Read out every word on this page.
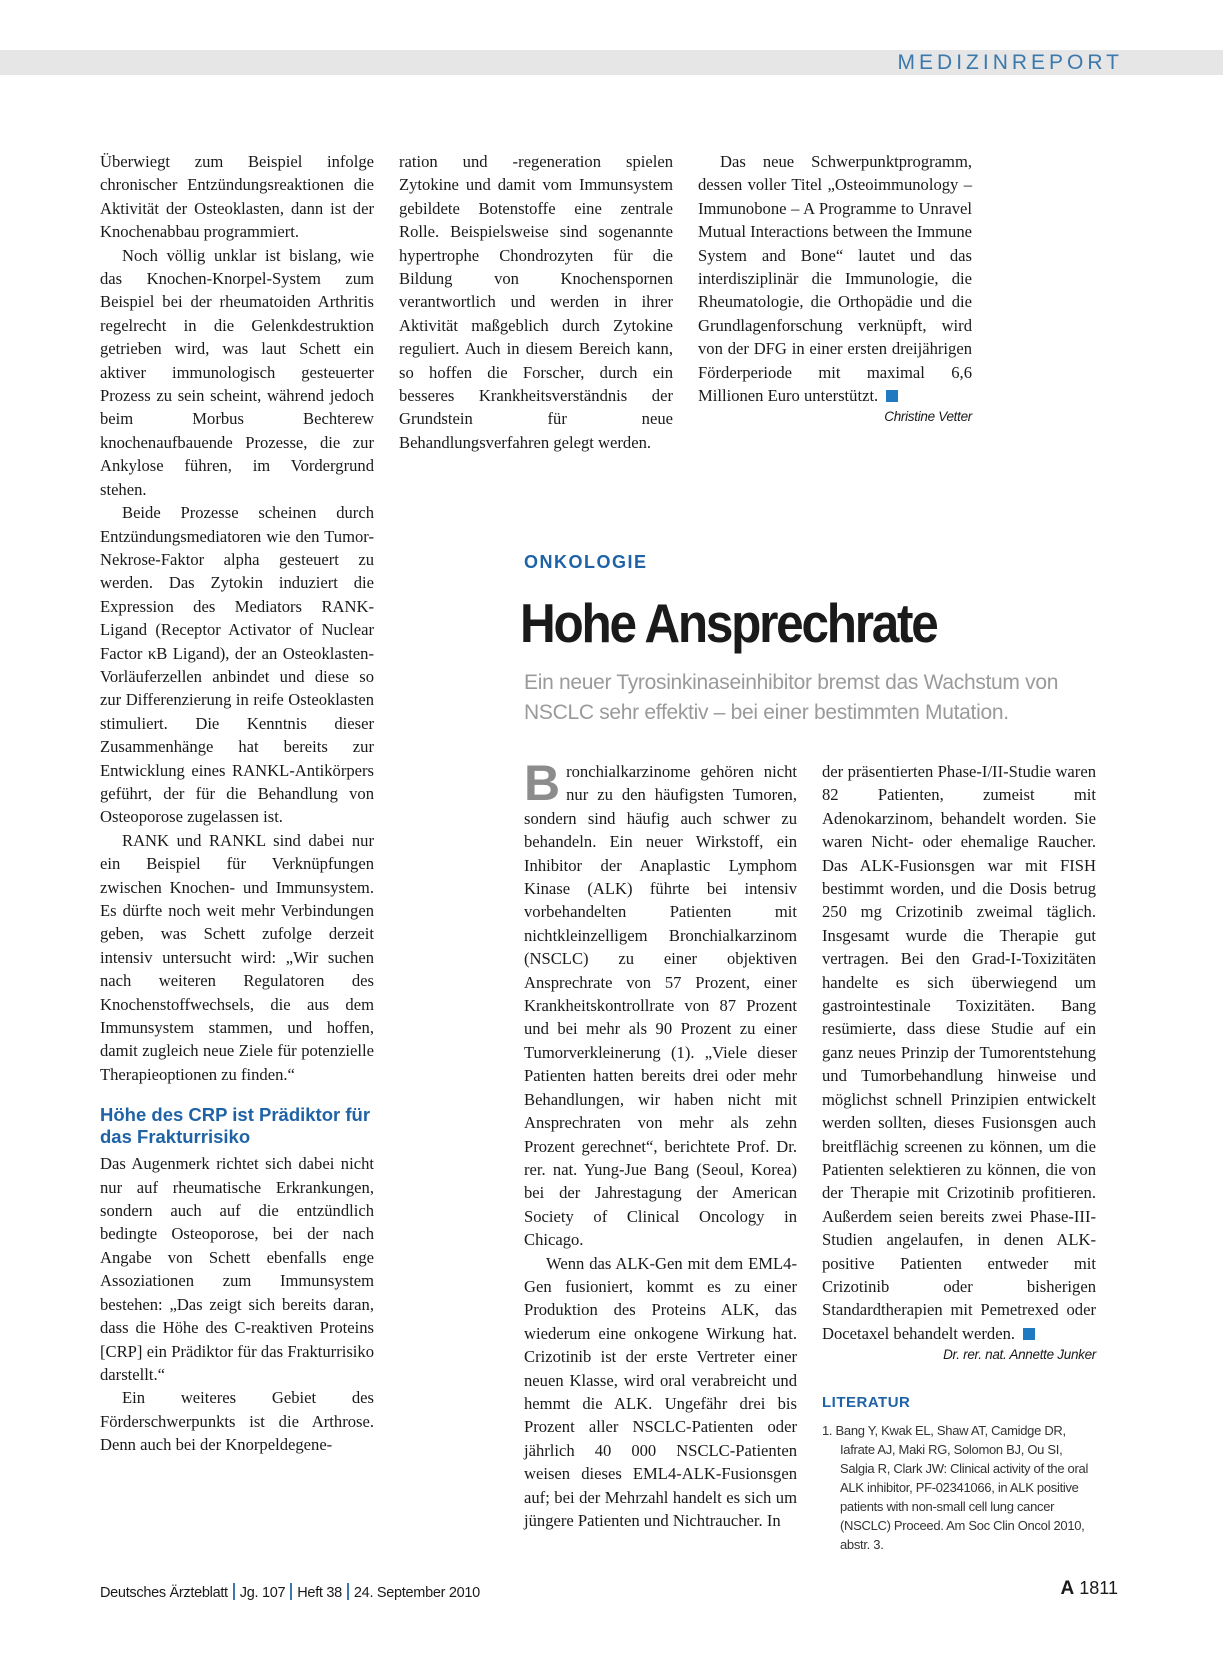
MEDIZINREPORT

Überwiegt zum Beispiel infolge chronischer Entzündungsreaktionen die Aktivität der Osteoklasten, dann ist der Knochenabbau programmiert.

Noch völlig unklar ist bislang, wie das Knochen-Knorpel-System zum Beispiel bei der rheumatoiden Arthritis regelrecht in die Gelenkdestruktion getrieben wird, was laut Schett ein aktiver immunologisch gesteuerter Prozess zu sein scheint, während jedoch beim Morbus Bechterew knochenaufbauende Prozesse, die zur Ankylose führen, im Vordergrund stehen.

Beide Prozesse scheinen durch Entzündungsmediatoren wie den Tumor-Nekrose-Faktor alpha gesteuert zu werden. Das Zytokin induziert die Expression des Mediators RANK-Ligand (Receptor Activator of Nuclear Factor κB Ligand), der an Osteoklasten-Vorläuferzellen anbindet und diese so zur Differenzierung in reife Osteoklasten stimuliert. Die Kenntnis dieser Zusammenhänge hat bereits zur Entwicklung eines RANKL-Antikörpers geführt, der für die Behandlung von Osteoporose zugelassen ist.

RANK und RANKL sind dabei nur ein Beispiel für Verknüpfungen zwischen Knochen- und Immunsystem. Es dürfte noch weit mehr Verbindungen geben, was Schett zufolge derzeit intensiv untersucht wird: „Wir suchen nach weiteren Regulatoren des Knochenstoffwechsels, die aus dem Immunsystem stammen, und hoffen, damit zugleich neue Ziele für potenzielle Therapieoptionen zu finden.“

Höhe des CRP ist Prädiktor für das Frakturrisiko

Das Augenmerk richtet sich dabei nicht nur auf rheumatische Erkrankungen, sondern auch auf die entzündlich bedingte Osteoporose, bei der nach Angabe von Schett ebenfalls enge Assoziationen zum Immunsystem bestehen: „Das zeigt sich bereits daran, dass die Höhe des C-reaktiven Proteins [CRP] ein Prädiktor für das Frakturrisiko darstellt.“

Ein weiteres Gebiet des Förderschwerpunkts ist die Arthrose. Denn auch bei der Knorpeldegene-

ration und -regeneration spielen Zytokine und damit vom Immunsystem gebildete Botenstoffe eine zentrale Rolle. Beispielsweise sind sogenannte hypertrophe Chondrozyten für die Bildung von Knochenspornen verantwortlich und werden in ihrer Aktivität maßgeblich durch Zytokine reguliert. Auch in diesem Bereich kann, so hoffen die Forscher, durch ein besseres Krankheitsverständnis der Grundstein für neue Behandlungsverfahren gelegt werden.

Das neue Schwerpunktprogramm, dessen voller Titel „Osteoimmunology – Immunobone – A Programme to Unravel Mutual Interactions between the Immune System and Bone“ lautet und das interdisziplinär die Immunologie, die Rheumatologie, die Orthopädie und die Grundlagenforschung verknüpft, wird von der DFG in einer ersten dreijährigen Förderperiode mit maximal 6,6 Millionen Euro unterstützt.

Christine Vetter

ONKOLOGIE
Hohe Ansprechrate
Ein neuer Tyrosinkinaseinhibitor bremst das Wachstum von NSCLC sehr effektiv – bei einer bestimmten Mutation.

Bronchialkarzinome gehören nicht nur zu den häufigsten Tumoren, sondern sind häufig auch schwer zu behandeln. Ein neuer Wirkstoff, ein Inhibitor der Anaplastic Lymphom Kinase (ALK) führte bei intensiv vorbehandelten Patienten mit nichtkleinzelligem Bronchialkarzinom (NSCLC) zu einer objektiven Ansprechrate von 57 Prozent, einer Krankheitskontrollrate von 87 Prozent und bei mehr als 90 Prozent zu einer Tumorverkleinerung (1). „Viele dieser Patienten hatten bereits drei oder mehr Behandlungen, wir haben nicht mit Ansprechraten von mehr als zehn Prozent gerechnet“, berichtete Prof. Dr. rer. nat. Yung-Jue Bang (Seoul, Korea) bei der Jahrestagung der American Society of Clinical Oncology in Chicago.

Wenn das ALK-Gen mit dem EML4-Gen fusioniert, kommt es zu einer Produktion des Proteins ALK, das wiederum eine onkogene Wirkung hat. Crizotinib ist der erste Vertreter einer neuen Klasse, wird oral verabreicht und hemmt die ALK. Ungefähr drei bis Prozent aller NSCLC-Patienten oder jährlich 40 000 NSCLC-Patienten weisen dieses EML4-ALK-Fusionsgen auf; bei der Mehrzahl handelt es sich um jüngere Patienten und Nichtraucher. In

der präsentierten Phase-I/II-Studie waren 82 Patienten, zumeist mit Adenokarzinom, behandelt worden. Sie waren Nicht- oder ehemalige Raucher. Das ALK-Fusionsgen war mit FISH bestimmt worden, und die Dosis betrug 250 mg Crizotinib zweimal täglich. Insgesamt wurde die Therapie gut vertragen. Bei den Grad-I-Toxizitäten handelte es sich überwiegend um gastrointestinale Toxizitäten. Bang resümierte, dass diese Studie auf ein ganz neues Prinzip der Tumorentstehung und Tumorbehandlung hinweise und möglichst schnell Prinzipien entwickelt werden sollten, dieses Fusionsgen auch breitflächig screenen zu können, um die Patienten selektieren zu können, die von der Therapie mit Crizotinib profitieren. Außerdem seien bereits zwei Phase-III-Studien angelaufen, in denen ALK-positive Patienten entweder mit Crizotinib oder bisherigen Standardtherapien mit Pemetrexed oder Docetaxel behandelt werden.

Dr. rer. nat. Annette Junker

LITERATUR

1. Bang Y, Kwak EL, Shaw AT, Camidge DR, Iafrate AJ, Maki RG, Solomon BJ, Ou SI, Salgia R, Clark JW: Clinical activity of the oral ALK inhibitor, PF-02341066, in ALK positive patients with non-small cell lung cancer (NSCLC) Proceed. Am Soc Clin Oncol 2010, abstr. 3.

Deutsches Ärzteblatt Jg. 107 Heft 38 24. September 2010	A 1811
